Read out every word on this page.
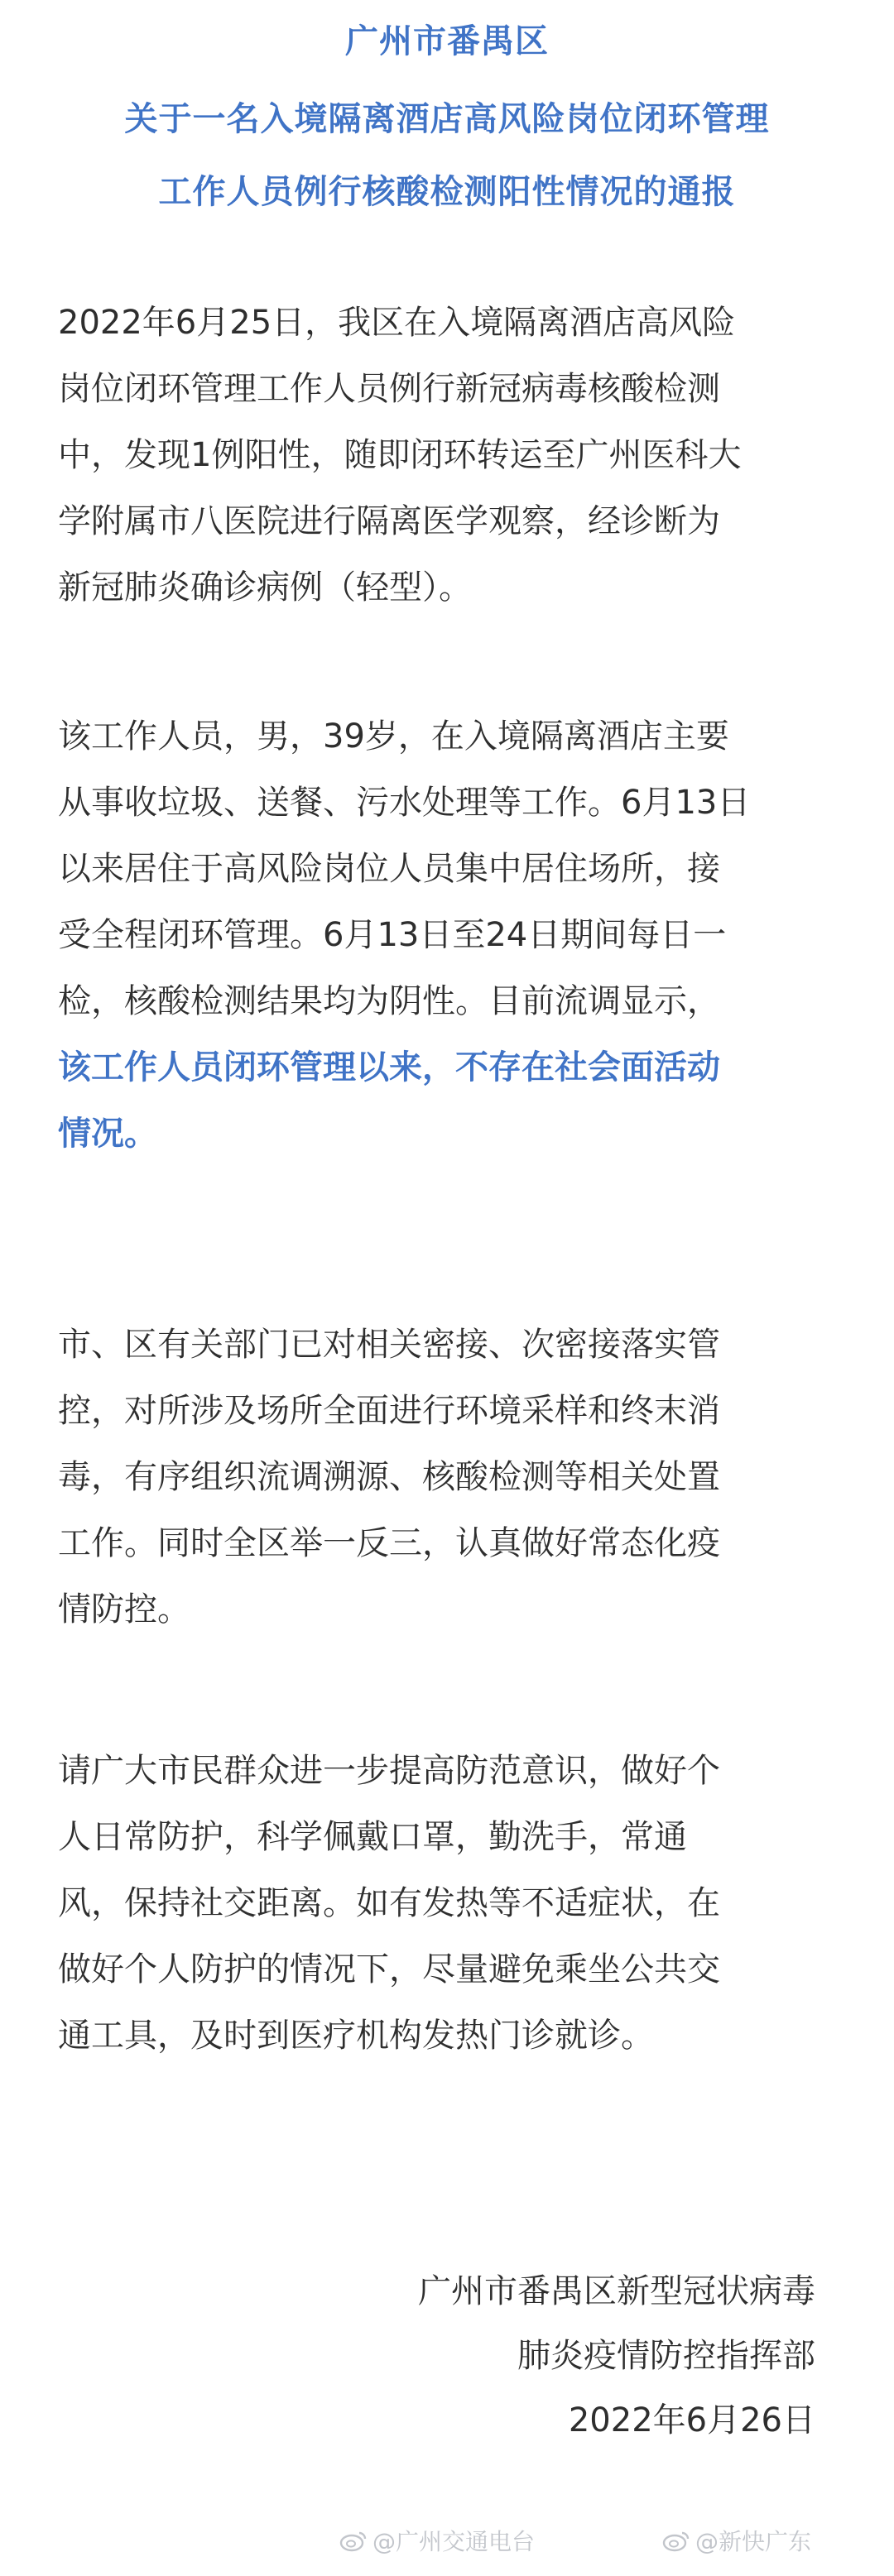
广州市番禺区
关于一名入境隔离酒店高风险岗位闭环管理
工作人员例行核酸检测阳性情况的通报
2022年6月25日，我区在入境隔离酒店高风险
岗位闭环管理工作人员例行新冠病毒核酸检测
中，发现1例阳性，随即闭环转运至广州医科大
学附属市八医院进行隔离医学观察，经诊断为
新冠肺炎确诊病例（轻型）。
该工作人员，男，39岁，在入境隔离酒店主要
从事收垃圾、送餐、污水处理等工作。6月13日
以来居住于高风险岗位人员集中居住场所，接
受全程闭环管理。6月13日至24日期间每日一
检，核酸检测结果均为阴性。目前流调显示，
该工作人员闭环管理以来，不存在社会面活动
情况。
市、区有关部门已对相关密接、次密接落实管
控，对所涉及场所全面进行环境采样和终末消
毒，有序组织流调溯源、核酸检测等相关处置
工作。同时全区举一反三，认真做好常态化疫
情防控。
请广大市民群众进一步提高防范意识，做好个
人日常防护，科学佩戴口罩，勤洗手，常通
风，保持社交距离。如有发热等不适症状，在
做好个人防护的情况下，尽量避免乘坐公共交
通工具，及时到医疗机构发热门诊就诊。
广州市番禺区新型冠状病毒
肺炎疫情防控指挥部
2022年6月26日
@广州交通电台	@新快广东
